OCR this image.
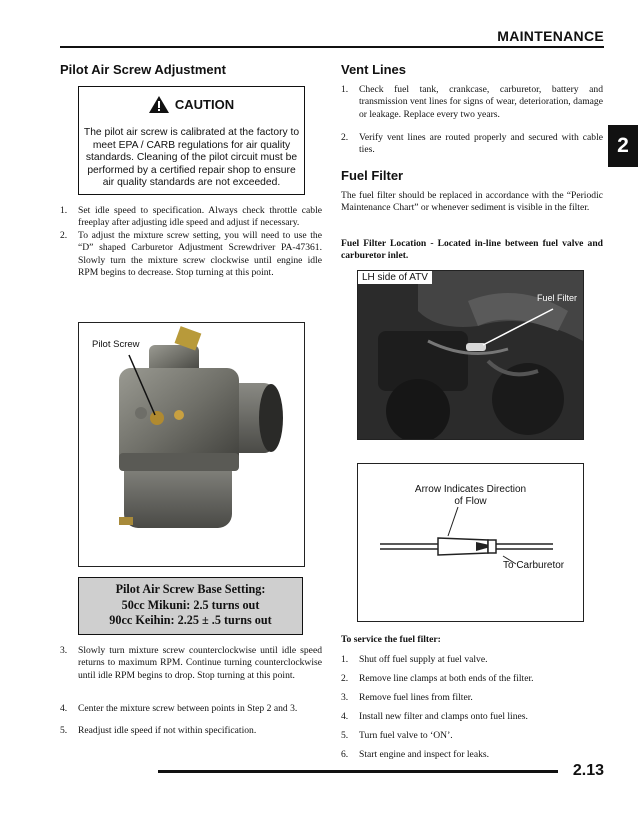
MAINTENANCE
2
Pilot Air Screw Adjustment
CAUTION
The pilot air screw is calibrated at the factory to meet EPA / CARB regulations for air quality standards. Cleaning of the pilot circuit must be performed by a certified repair shop to ensure air quality standards are not exceeded.
1. Set idle speed to specification. Always check throttle cable freeplay after adjusting idle speed and adjust if necessary.
2. To adjust the mixture screw setting, you will need to use the “D” shaped Carburetor Adjustment Screwdriver PA-47361. Slowly turn the mixture screw clockwise until engine idle RPM begins to decrease. Stop turning at this point.
Pilot Screw
Pilot Air Screw Base Setting:
50cc Mikuni: 2.5 turns out
90cc Keihin: 2.25 ± .5 turns out
3. Slowly turn mixture screw counterclockwise until idle speed returns to maximum RPM. Continue turning counterclockwise until idle RPM begins to drop. Stop turning at this point.
4. Center the mixture screw between points in Step 2 and 3.
5. Readjust idle speed if not within specification.
Vent Lines
1. Check fuel tank, crankcase, carburetor, battery and transmission vent lines for signs of wear, deterioration, damage or leakage. Replace every two years.
2. Verify vent lines are routed properly and secured with cable ties.
Fuel Filter
The fuel filter should be replaced in accordance with the “Periodic Maintenance Chart” or whenever sediment is visible in the filter.
Fuel Filter Location - Located in-line between fuel valve and carburetor inlet.
LH side of ATV
Fuel Filter
Arrow Indicates Direction
of Flow
To Carburetor
To service the fuel filter:
1. Shut off fuel supply at fuel valve.
2. Remove line clamps at both ends of the filter.
3. Remove fuel lines from filter.
4. Install new filter and clamps onto fuel lines.
5. Turn fuel valve to ‘ON’.
6. Start engine and inspect for leaks.
2.13
